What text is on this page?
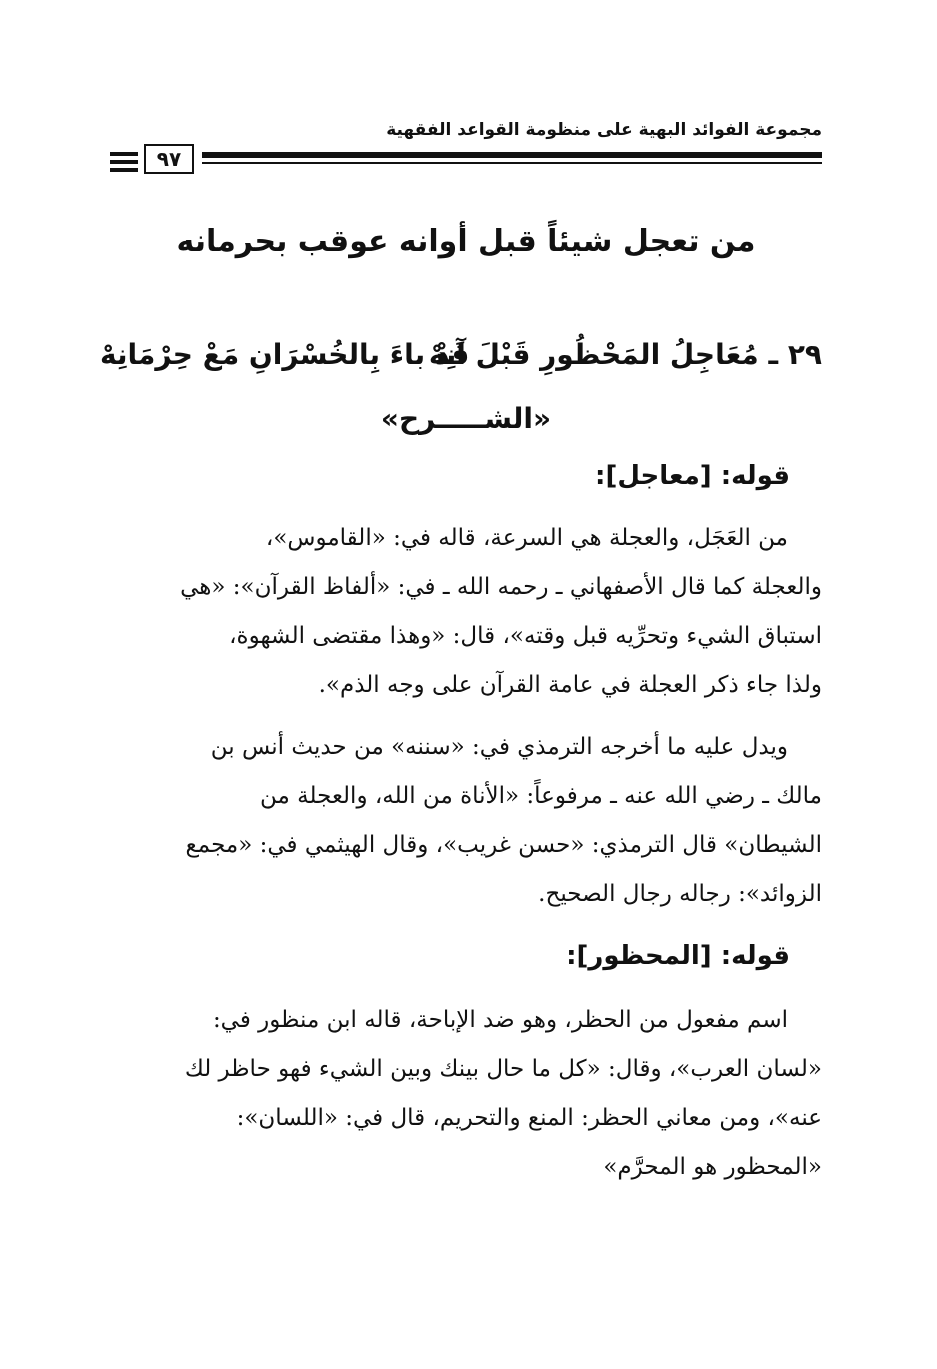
مجموعة الفوائد البهية على منظومة القواعد الفقهية
٩٧
من تعجل شيئاً قبل أوانه عوقب بحرمانه
٢٩ ـ مُعَاجِلُ المَحْظُورِ قَبْلَ آنِهْ
قَدْ باءَ بِالخُسْرَانِ مَعْ حِرْمَانِهْ
«الشـــــرح»
قوله: [معاجل]:
من العَجَل، والعجلة هي السرعة، قاله في: «القاموس»،
والعجلة كما قال الأصفهاني ـ رحمه الله ـ في: «ألفاظ القرآن»: «هي
استباق الشيء وتحرِّيه قبل وقته»، قال: «وهذا مقتضى الشهوة،
ولذا جاء ذكر العجلة في عامة القرآن على وجه الذم».
ويدل عليه ما أخرجه الترمذي في: «سننه» من حديث أنس بن
مالك ـ رضي الله عنه ـ مرفوعاً: «الأناة من الله، والعجلة من
الشيطان» قال الترمذي: «حسن غريب»، وقال الهيثمي في: «مجمع
الزوائد»: رجاله رجال الصحيح.
قوله: [المحظور]:
اسم مفعول من الحظر، وهو ضد الإباحة، قاله ابن منظور في:
«لسان العرب»، وقال: «كل ما حال بينك وبين الشيء فهو حاظر لك
عنه»، ومن معاني الحظر: المنع والتحريم، قال في: «اللسان»:
«المحظور هو المحرَّم»
